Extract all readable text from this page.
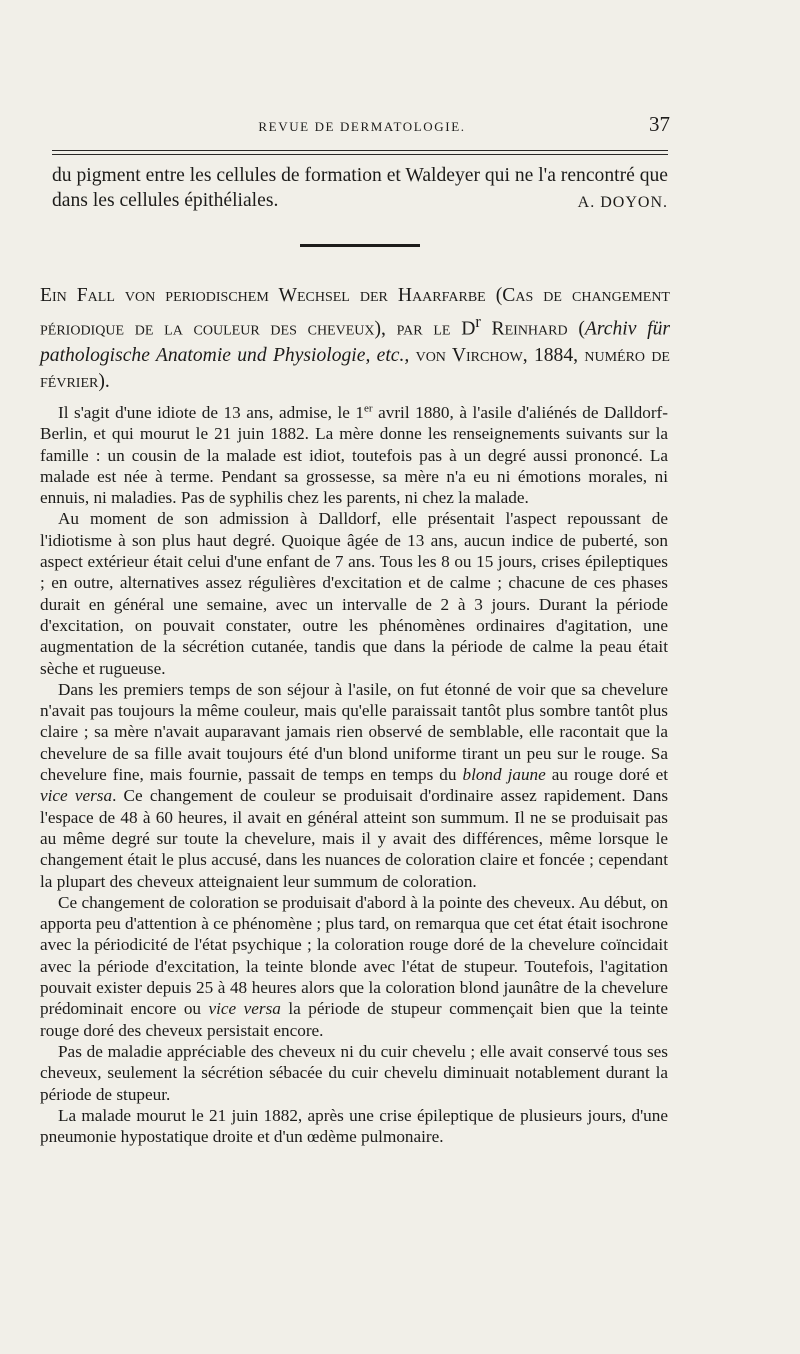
REVUE DE DERMATOLOGIE.	37
du pigment entre les cellules de formation et Waldeyer qui ne l'a rencontré que dans les cellules épithéliales.	A. DOYON.
Ein Fall von periodischem Wechsel der Haarfarbe (Cas de changement périodique de la couleur des cheveux), par le $D^r$ Reinhard (Archiv für pathologische Anatomie und Physiologie, etc., von Virchow, 1884, numéro de février).

Il s'agit d'une idiote de 13 ans, admise, le 1er avril 1880, à l'asile d'aliénés de Dalldorf-Berlin, et qui mourut le 21 juin 1882. La mère donne les renseignements suivants sur la famille : un cousin de la malade est idiot, toutefois pas à un degré aussi prononcé. La malade est née à terme. Pendant sa grossesse, sa mère n'a eu ni émotions morales, ni ennuis, ni maladies. Pas de syphilis chez les parents, ni chez la malade.

Au moment de son admission à Dalldorf, elle présentait l'aspect repoussant de l'idiotisme à son plus haut degré. Quoique âgée de 13 ans, aucun indice de puberté, son aspect extérieur était celui d'une enfant de 7 ans. Tous les 8 ou 15 jours, crises épileptiques ; en outre, alternatives assez régulières d'excitation et de calme ; chacune de ces phases durait en général une semaine, avec un intervalle de 2 à 3 jours. Durant la période d'excitation, on pouvait constater, outre les phénomènes ordinaires d'agitation, une augmentation de la sécrétion cutanée, tandis que dans la période de calme la peau était sèche et rugueuse.

Dans les premiers temps de son séjour à l'asile, on fut étonné de voir que sa chevelure n'avait pas toujours la même couleur, mais qu'elle paraissait tantôt plus sombre tantôt plus claire ; sa mère n'avait auparavant jamais rien observé de semblable, elle racontait que la chevelure de sa fille avait toujours été d'un blond uniforme tirant un peu sur le rouge. Sa chevelure fine, mais fournie, passait de temps en temps du blond jaune au rouge doré et vice versa. Ce changement de couleur se produisait d'ordinaire assez rapidement. Dans l'espace de 48 à 60 heures, il avait en général atteint son summum. Il ne se produisait pas au même degré sur toute la chevelure, mais il y avait des différences, même lorsque le changement était le plus accusé, dans les nuances de coloration claire et foncée ; cependant la plupart des cheveux atteignaient leur summum de coloration.

Ce changement de coloration se produisait d'abord à la pointe des cheveux. Au début, on apporta peu d'attention à ce phénomène ; plus tard, on remarqua que cet état était isochrone avec la périodicité de l'état psychique ; la coloration rouge doré de la chevelure coïncidait avec la période d'excitation, la teinte blonde avec l'état de stupeur. Toutefois, l'agitation pouvait exister depuis 25 à 48 heures alors que la coloration blond jaunâtre de la chevelure prédominait encore ou vice versa la période de stupeur commençait bien que la teinte rouge doré des cheveux persistait encore.

Pas de maladie appréciable des cheveux ni du cuir chevelu ; elle avait conservé tous ses cheveux, seulement la sécrétion sébacée du cuir chevelu diminuait notablement durant la période de stupeur.

La malade mourut le 21 juin 1882, après une crise épileptique de plusieurs jours, d'une pneumonie hypostatique droite et d'un œdème pulmonaire.
